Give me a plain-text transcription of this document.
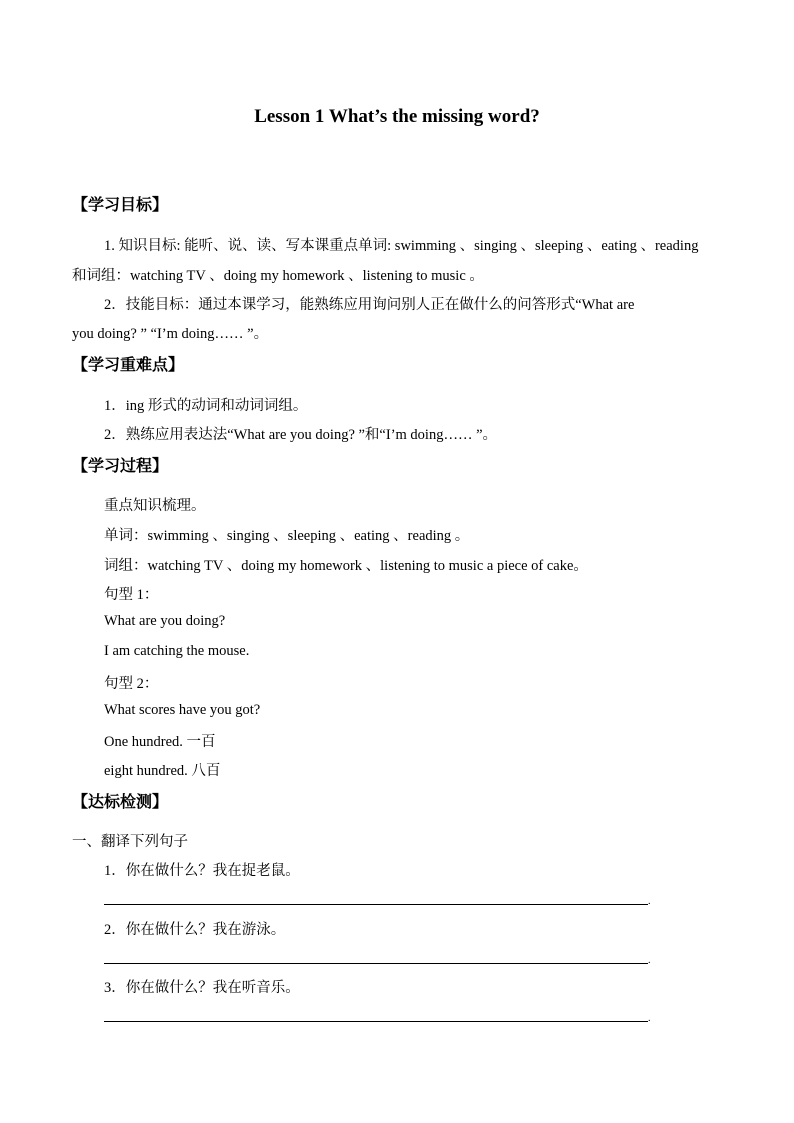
Lesson 1 What’s the missing word?
【学习目标】
1. 知识目标: 能听、说、读、写本课重点单词: swimming 、singing 、sleeping 、eating 、reading
和词组：watching TV 、doing my homework 、listening to music 。
2．技能目标：通过本课学习，能熟练应用询问别人正在做什么的问答形式“What are
you doing? ” “I’m doing…… ”。
【学习重难点】
1．ing 形式的动词和动词词组。
2．熟练应用表达法“What are you doing? ”和“I’m doing…… ”。
【学习过程】
重点知识梳理。
单词：swimming 、singing 、sleeping 、eating 、reading 。
词组：watching TV 、doing my homework 、listening to music a piece of cake。
句型 1：
What are you doing?
I am catching the mouse.
句型 2：
What scores have you got?
One hundred. 一百
eight hundred. 八百
【达标检测】
一、翻译下列句子
1．你在做什么？我在捉老鼠。
.
2．你在做什么？我在游泳。
.
3．你在做什么？我在听音乐。
.
